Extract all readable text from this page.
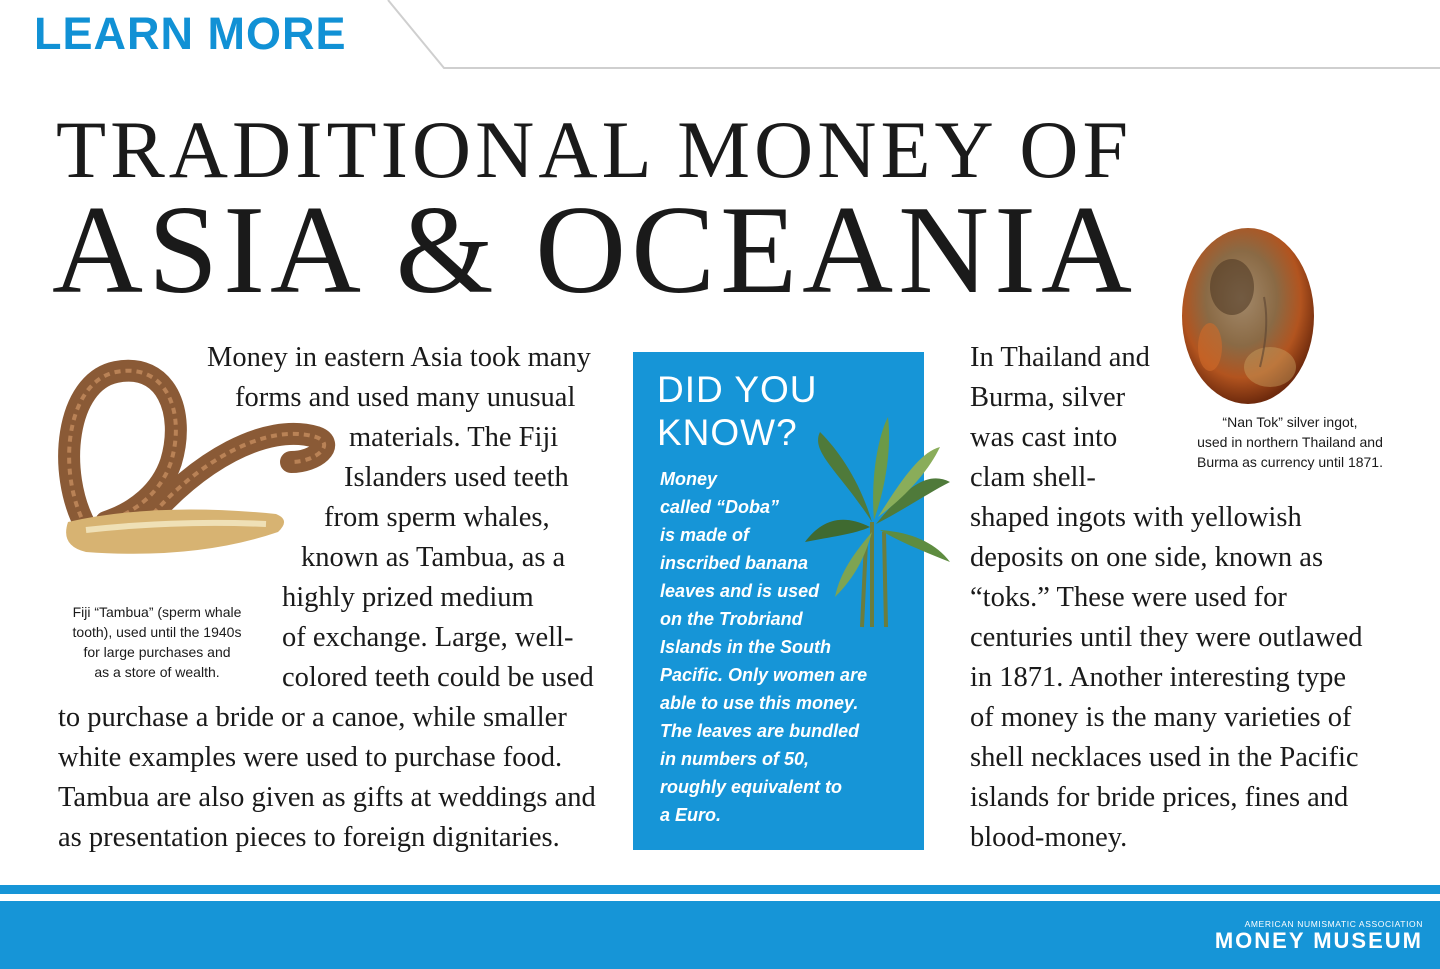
LEARN MORE
TRADITIONAL MONEY OF
ASIA & OCEANIA
“Nan Tok” silver ingot,
used in northern Thailand and
Burma as currency until 1871.
Fiji “Tambua” (sperm whale
tooth), used until the 1940s
for large purchases and
as a store of wealth.
Money in eastern Asia took many
forms and used many unusual
materials. The Fiji
Islanders used teeth
from sperm whales,
known as Tambua, as a
highly prized medium
of exchange. Large, well-
colored teeth could be used
to purchase a bride or a canoe, while smaller
white examples were used to purchase food.
Tambua are also given as gifts at weddings and
as presentation pieces to foreign dignitaries.
DID YOU
KNOW?
Money
called “Doba”
is made of
inscribed banana
leaves and is used
on the Trobriand
Islands in the South
Pacific. Only women are
able to use this money.
The leaves are bundled
in numbers of 50,
roughly equivalent to
a Euro.
In Thailand and
Burma, silver
was cast into
clam shell-
shaped ingots with yellowish
deposits on one side, known as
“toks.” These were used for
centuries until they were outlawed
in 1871. Another interesting type
of money is the many varieties of
shell necklaces used in the Pacific
islands for bride prices, fines and
blood-money.
AMERICAN NUMISMATIC ASSOCIATION
MONEY MUSEUM
